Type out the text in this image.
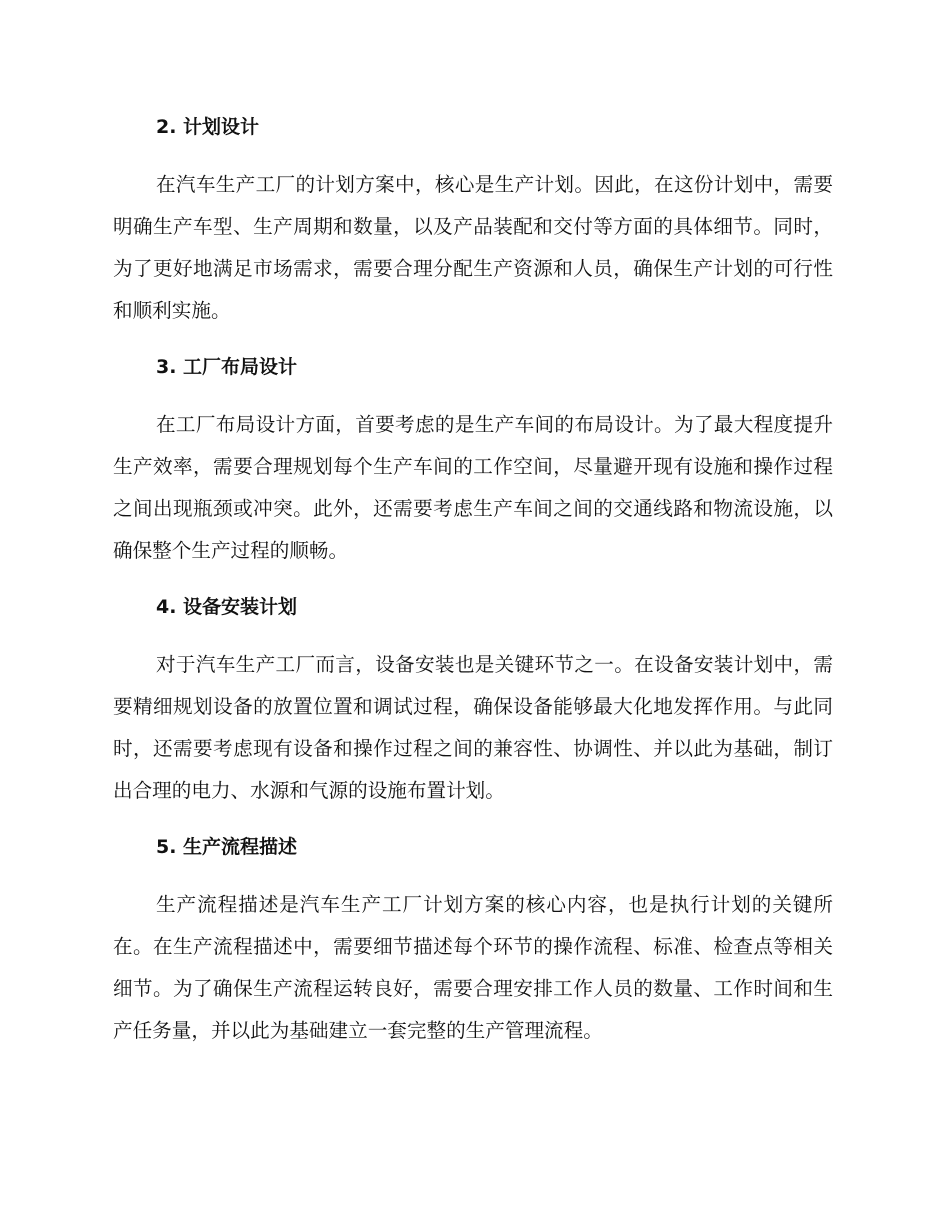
2. 计划设计

在汽车生产工厂的计划方案中，核心是生产计划。因此，在这份计划中，需要明确生产车型、生产周期和数量，以及产品装配和交付等方面的具体细节。同时，为了更好地满足市场需求，需要合理分配生产资源和人员，确保生产计划的可行性和顺利实施。

3. 工厂布局设计

在工厂布局设计方面，首要考虑的是生产车间的布局设计。为了最大程度提升生产效率，需要合理规划每个生产车间的工作空间，尽量避开现有设施和操作过程之间出现瓶颈或冲突。此外，还需要考虑生产车间之间的交通线路和物流设施，以确保整个生产过程的顺畅。

4. 设备安装计划

对于汽车生产工厂而言，设备安装也是关键环节之一。在设备安装计划中，需要精细规划设备的放置位置和调试过程，确保设备能够最大化地发挥作用。与此同时，还需要考虑现有设备和操作过程之间的兼容性、协调性、并以此为基础，制订出合理的电力、水源和气源的设施布置计划。

5. 生产流程描述

生产流程描述是汽车生产工厂计划方案的核心内容，也是执行计划的关键所在。在生产流程描述中，需要细节描述每个环节的操作流程、标准、检查点等相关细节。为了确保生产流程运转良好，需要合理安排工作人员的数量、工作时间和生产任务量，并以此为基础建立一套完整的生产管理流程。
